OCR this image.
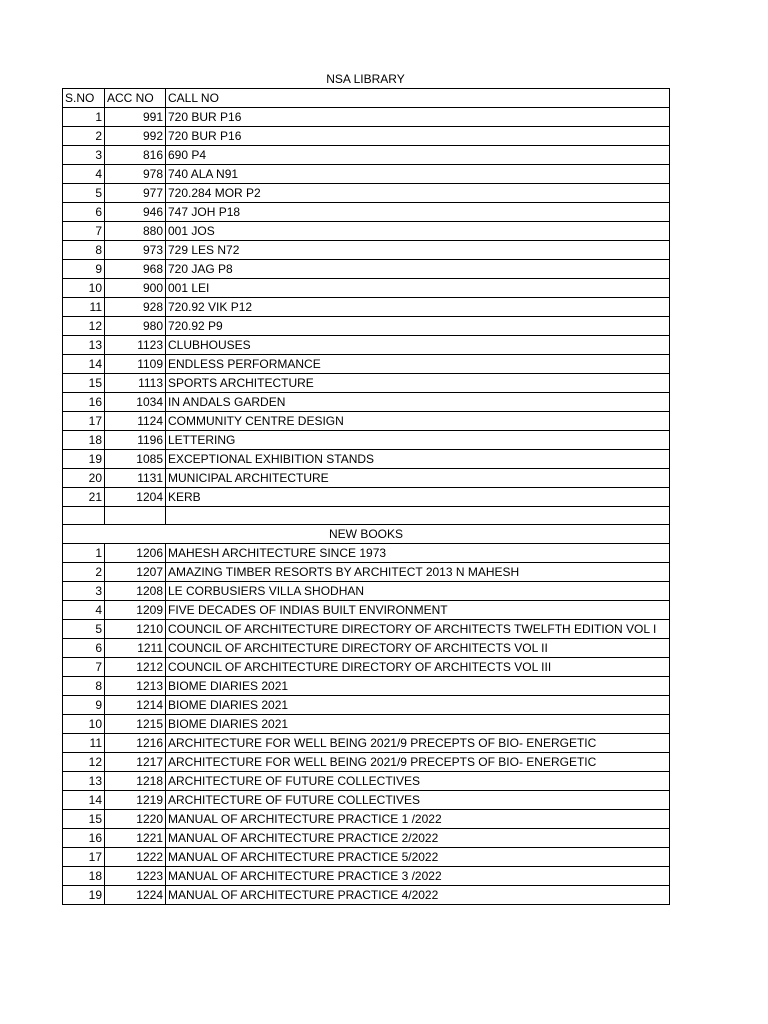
NSA LIBRARY
S.NO	ACC NO	CALL NO
1	991	720 BUR P16
2	992	720 BUR P16
3	816	690 P4
4	978	740 ALA N91
5	977	720.284 MOR P2
6	946	747 JOH P18
7	880	001 JOS
8	973	729 LES N72
9	968	720 JAG P8
10	900	001 LEI
11	928	720.92 VIK P12
12	980	720.92 P9
13	1123	CLUBHOUSES
14	1109	ENDLESS PERFORMANCE
15	1113	SPORTS ARCHITECTURE
16	1034	IN ANDALS GARDEN
17	1124	COMMUNITY CENTRE DESIGN
18	1196	LETTERING
19	1085	EXCEPTIONAL EXHIBITION STANDS
20	1131	MUNICIPAL ARCHITECTURE
21	1204	KERB

NEW BOOKS		
1	1206	MAHESH ARCHITECTURE SINCE 1973
2	1207	AMAZING TIMBER RESORTS BY ARCHITECT 2013 N MAHESH
3	1208	LE CORBUSIERS VILLA SHODHAN
4	1209	FIVE DECADES OF INDIAS BUILT ENVIRONMENT
5	1210	COUNCIL OF ARCHITECTURE DIRECTORY OF ARCHITECTS TWELFTH EDITION VOL I
6	1211	COUNCIL OF ARCHITECTURE DIRECTORY OF ARCHITECTS VOL II
7	1212	COUNCIL OF ARCHITECTURE DIRECTORY OF ARCHITECTS VOL III
8	1213	BIOME DIARIES 2021
9	1214	BIOME DIARIES 2021
10	1215	BIOME DIARIES 2021
11	1216	ARCHITECTURE FOR WELL BEING 2021/9 PRECEPTS OF BIO- ENERGETIC
12	1217	ARCHITECTURE FOR WELL BEING 2021/9 PRECEPTS OF BIO- ENERGETIC
13	1218	ARCHITECTURE OF FUTURE COLLECTIVES
14	1219	ARCHITECTURE OF FUTURE COLLECTIVES
15	1220	MANUAL OF ARCHITECTURE PRACTICE 1 /2022
16	1221	MANUAL OF ARCHITECTURE PRACTICE 2/2022
17	1222	MANUAL OF ARCHITECTURE PRACTICE 5/2022
18	1223	MANUAL OF ARCHITECTURE PRACTICE 3 /2022
19	1224	MANUAL OF ARCHITECTURE PRACTICE 4/2022
